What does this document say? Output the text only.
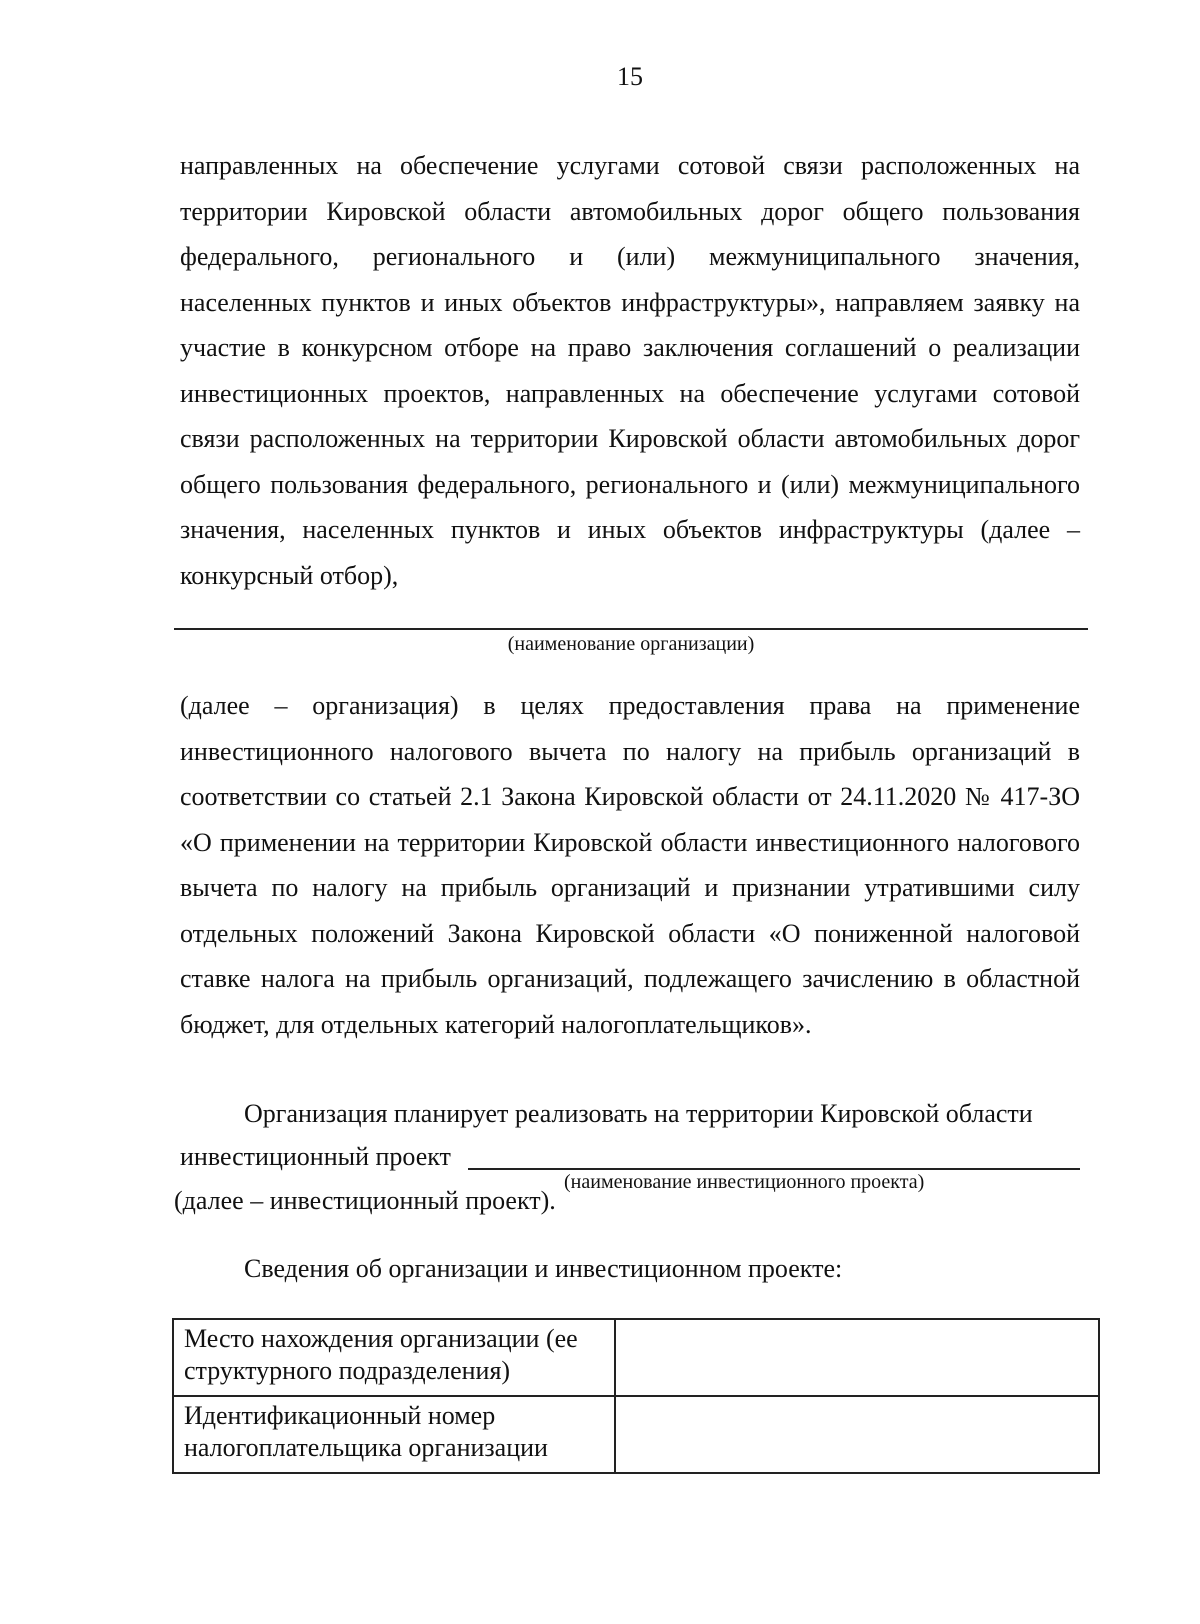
15

направленных на обеспечение услугами сотовой связи расположенных на территории Кировской области автомобильных дорог общего пользования федерального, регионального и (или) межмуниципального значения, населенных пунктов и иных объектов инфраструктуры», направляем заявку на участие в конкурсном отборе на право заключения соглашений о реализации инвестиционных проектов, направленных на обеспечение услугами сотовой связи расположенных на территории Кировской области автомобильных дорог общего пользования федерального, регионального и (или) межмуниципального значения, населенных пунктов и иных объектов инфраструктуры (далее – конкурсный отбор),

(наименование организации)

(далее – организация) в целях предоставления права на применение инвестиционного налогового вычета по налогу на прибыль организаций в соответствии со статьей 2.1 Закона Кировской области от 24.11.2020 № 417-ЗО «О применении на территории Кировской области инвестиционного налогового вычета по налогу на прибыль организаций и признании утратившими силу отдельных положений Закона Кировской области «О пониженной налоговой ставке налога на прибыль организаций, подлежащего зачислению в областной бюджет, для отдельных категорий налогоплательщиков».

Организация планирует реализовать на территории Кировской области
инвестиционный проект
(наименование инвестиционного проекта)
(далее – инвестиционный проект).
Сведения об организации и инвестиционном проекте:
Место нахождения организации (ее структурного подразделения)	
Идентификационный номер налогоплательщика организации	
